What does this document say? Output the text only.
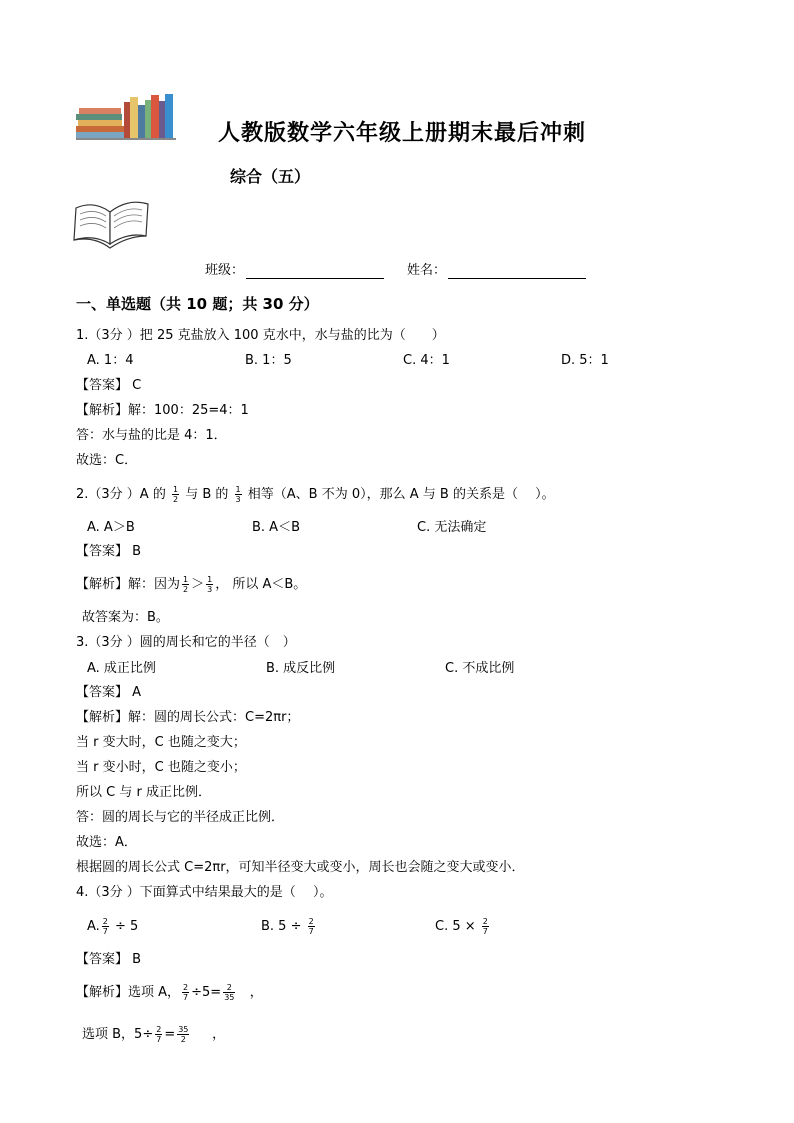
人教版数学六年级上册期末最后冲刺
综合（五）
班级：	姓名：
一、单选题（共 10 题；共 30 分）
1.（3分 ）把 25 克盐放入 100 克水中，水与盐的比为（　　）
A. 1：4	B. 1：5	C. 4：1	D. 5：1
【答案】 C
【解析】解：100：25=4：1
答：水与盐的比是 4：1．
故选：C．
2.（3分 ）A 的 $\frac{1}{2}$ 与 B 的 $\frac{1}{3}$ 相等（A、B 不为 0），那么 A 与 B 的关系是（　 ）。
A. A＞B	B. A＜B	C. 无法确定
【答案】 B
【解析】解：因为 $\frac{1}{2} > \frac{1}{3}$ ， 所以 A＜B。
故答案为：B。
3.（3分 ）圆的周长和它的半径（　）
A. 成正比例	B. 成反比例	C. 不成比例
【答案】 A
【解析】解：圆的周长公式：C=2πr；
当 r 变大时，C 也随之变大；
当 r 变小时，C 也随之变小；
所以 C 与 r 成正比例．
答：圆的周长与它的半径成正比例．
故选：A．
根据圆的周长公式 C=2πr，可知半径变大或变小，周长也会随之变大或变小．
4.（3分 ）下面算式中结果最大的是（　 ）。
A. $\frac{2}{7} \div 5$	B. $5 \div \frac{2}{7}$	C. $5 \times \frac{2}{7}$
【答案】 B
【解析】选项 A， $\frac{2}{7} \div 5= \frac{2}{35}$ ，
选项 B，$5\div \frac{2}{7} = \frac{35}{2}$ ，
